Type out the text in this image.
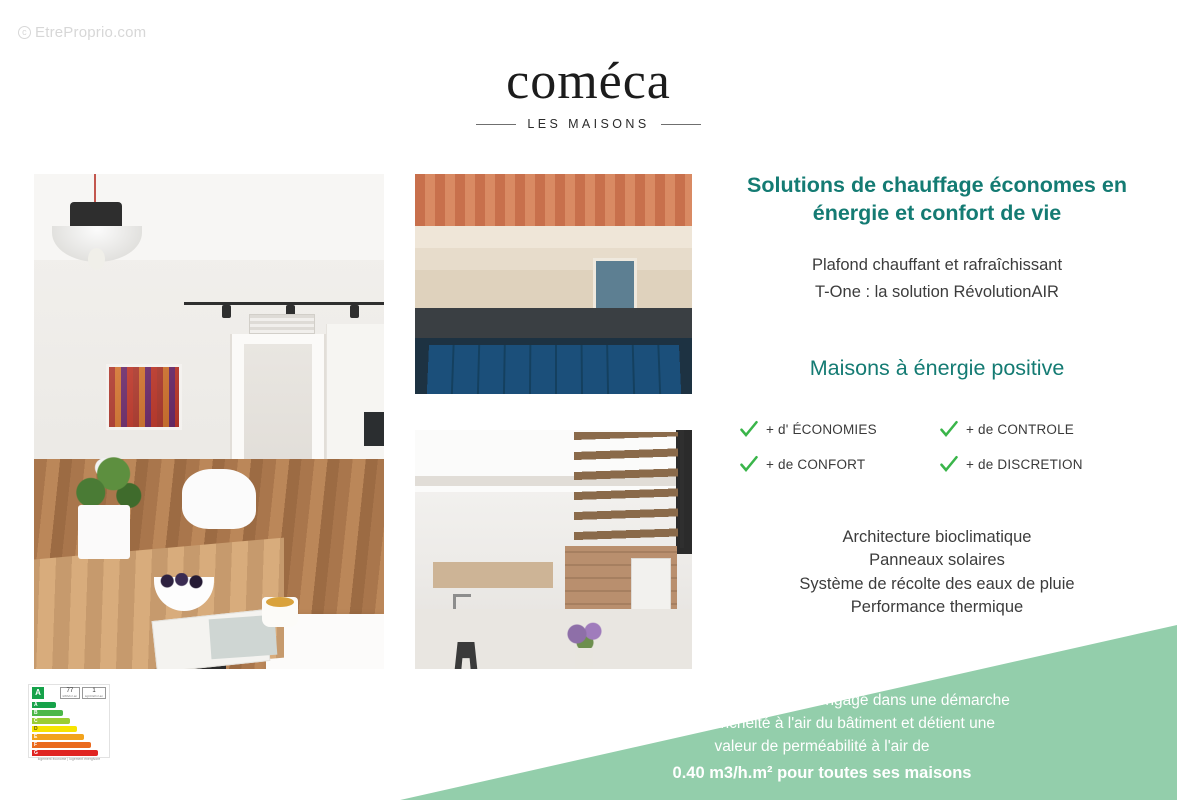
c EtreProprio.com
coméca
LES MAISONS
Solutions de chauffage économes en énergie et confort de vie
Plafond chauffant et rafraîchissant
T-One : la solution RévolutionAIR
Maisons à énergie positive
+ d' ÉCONOMIES	+ de CONTROLE
+ de CONFORT	+ de DISCRETION
Architecture bioclimatique
Panneaux solaires
Système de récolte des eaux de pluie
Performance thermique
Depuis 2012, Coméca est engagé dans une démarche
qualité étanchéité à l'air du bâtiment et détient une
valeur de perméabilité à l'air de
0.40 m3/h.m² pour toutes ses maisons
A	77
kWh/m².an
1
kgCO2/m².an
A
B
C
D
E
F
G
logement économe | logement énergivore
